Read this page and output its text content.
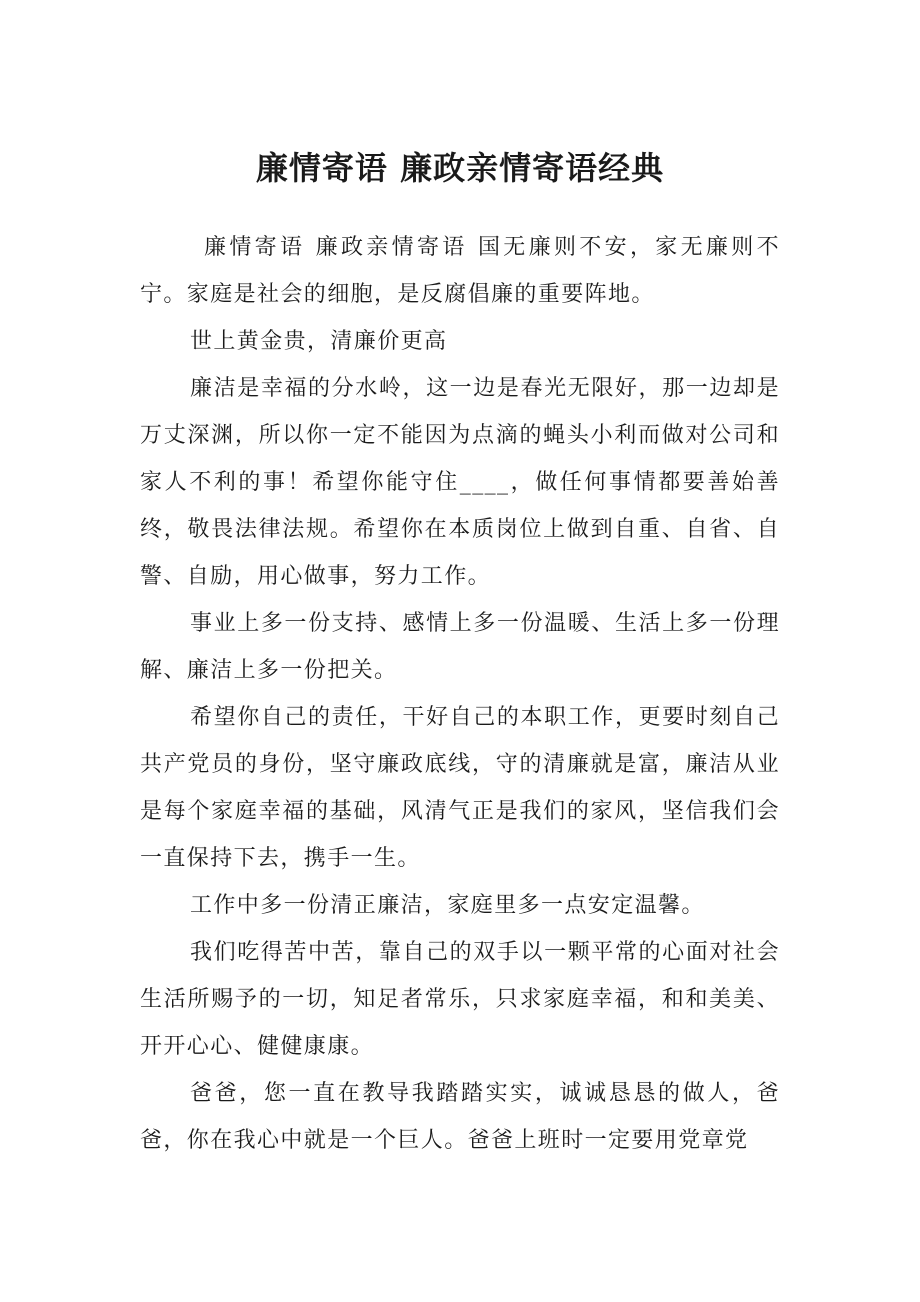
廉情寄语 廉政亲情寄语经典

廉情寄语 廉政亲情寄语 国无廉则不安，家无廉则不宁。家庭是社会的细胞，是反腐倡廉的重要阵地。

世上黄金贵，清廉价更高

廉洁是幸福的分水岭，这一边是春光无限好，那一边却是万丈深渊，所以你一定不能因为点滴的蝇头小利而做对公司和家人不利的事！希望你能守住____，做任何事情都要善始善终，敬畏法律法规。希望你在本质岗位上做到自重、自省、自警、自励，用心做事，努力工作。

事业上多一份支持、感情上多一份温暖、生活上多一份理解、廉洁上多一份把关。

希望你自己的责任，干好自己的本职工作，更要时刻自己共产党员的身份，坚守廉政底线，守的清廉就是富，廉洁从业是每个家庭幸福的基础，风清气正是我们的家风，坚信我们会一直保持下去，携手一生。

工作中多一份清正廉洁，家庭里多一点安定温馨。

我们吃得苦中苦，靠自己的双手以一颗平常的心面对社会生活所赐予的一切，知足者常乐，只求家庭幸福，和和美美、开开心心、健健康康。

爸爸，您一直在教导我踏踏实实，诚诚恳恳的做人，爸爸，你在我心中就是一个巨人。爸爸上班时一定要用党章党
